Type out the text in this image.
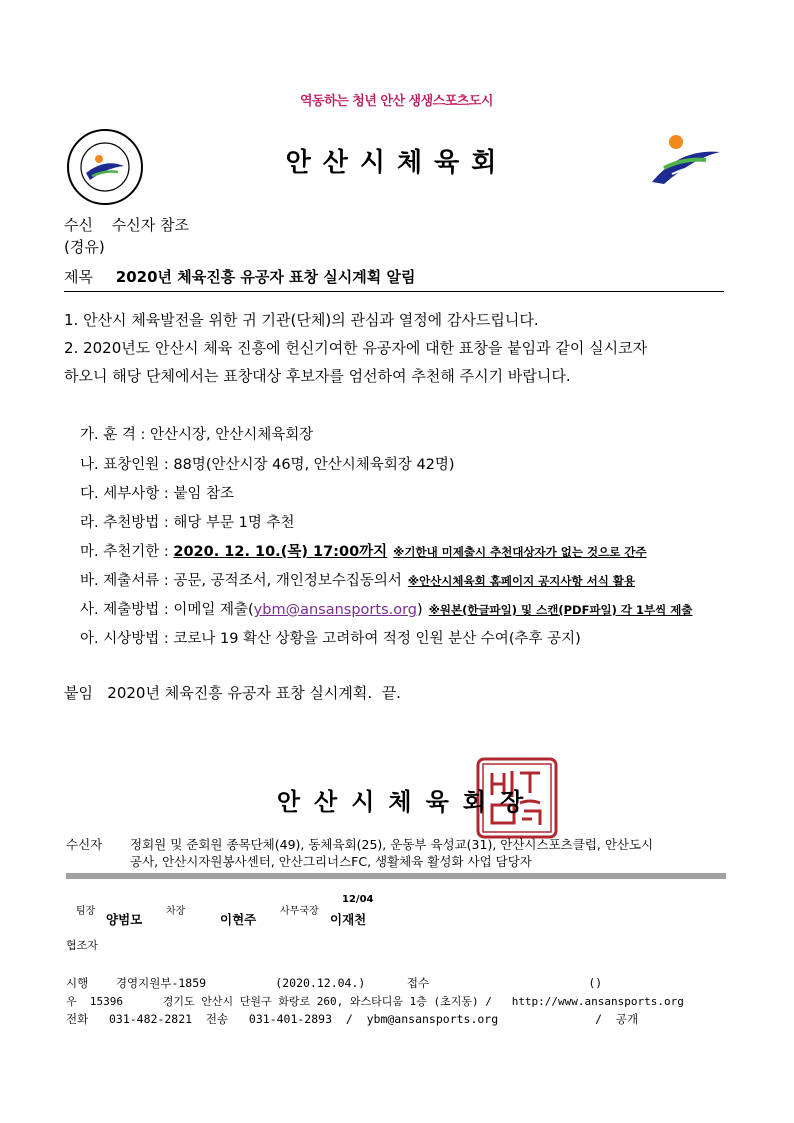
역동하는 청년 안산 생생스포츠도시
안산시체육회
수신 수신자 참조
(경유)
제목 2020년 체육진흥 유공자 표창 실시계획 알림
1. 안산시 체육발전을 위한 귀 기관(단체)의 관심과 열정에 감사드립니다.
2. 2020년도 안산시 체육 진흥에 헌신기여한 유공자에 대한 표창을 붙임과 같이 실시코자
하오니 해당 단체에서는 표창대상 후보자를 엄선하여 추천해 주시기 바랍니다.
가. 훈 격 : 안산시장, 안산시체육회장
나. 표창인원 : 88명(안산시장 46명, 안산시체육회장 42명)
다. 세부사항 : 붙임 참조
라. 추천방법 : 해당 부문 1명 추천
마. 추천기한 : 2020. 12. 10.(목) 17:00까지 ※기한내 미제출시 추천대상자가 없는 것으로 간주
바. 제출서류 : 공문, 공적조서, 개인정보수집동의서 ※안산시체육회 홈페이지 공지사항 서식 활용
사. 제출방법 : 이메일 제출(ybm@ansansports.org) ※원본(한글파일) 및 스캔(PDF파일) 각 1부씩 제출
아. 시상방법 : 코로나 19 확산 상황을 고려하여 적정 인원 분산 수여(추후 공지)
붙임   2020년 체육진흥 유공자 표창 실시계획.  끝.
안산시체육회장
수신자 정회원 및 준회원 종목단체(49), 동체육회(25), 운동부 육성교(31), 안산시스포츠클럽, 안산도시
공사, 안산시자원봉사센터, 안산그리너스FC, 생활체육 활성화 사업 담당자
팀장
양범모
차장
이현주
사무국장
12/04
이재천
협조자
시행    경영지원부-1859          (2020.12.04.)      접수                       ()
우  15396      경기도 안산시 단원구 화랑로 260, 와스타디움 1층 (초지동) /   http://www.ansansports.org
전화   031-482-2821  전송   031-401-2893  /  ybm@ansansports.org              /  공개
